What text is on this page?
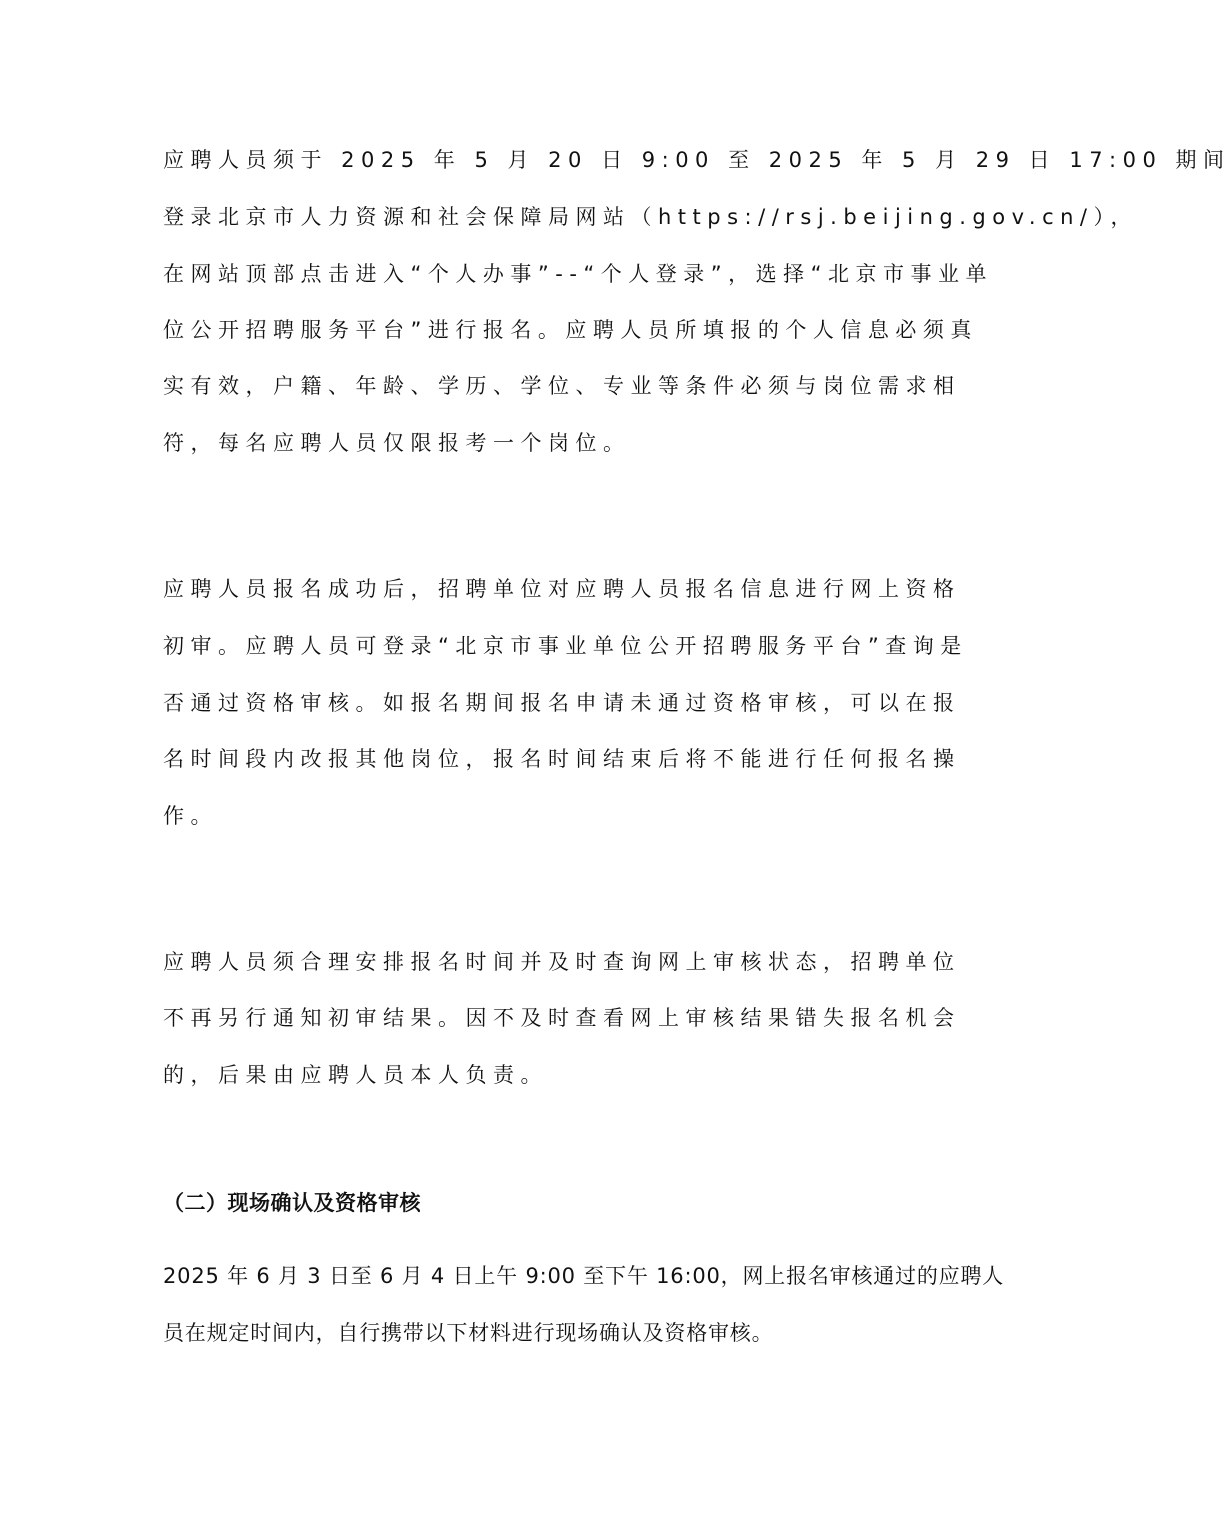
应聘人员须于 2025 年 5 月 20 日 9:00 至 2025 年 5 月 29 日 17:00 期间
登录北京市人力资源和社会保障局网站（https://rsj.beijing.gov.cn/），
在网站顶部点击进入“个人办事”--“个人登录”，选择“北京市事业单
位公开招聘服务平台”进行报名。应聘人员所填报的个人信息必须真
实有效，户籍、年龄、学历、学位、专业等条件必须与岗位需求相
符，每名应聘人员仅限报考一个岗位。
应聘人员报名成功后，招聘单位对应聘人员报名信息进行网上资格
初审。应聘人员可登录“北京市事业单位公开招聘服务平台”查询是
否通过资格审核。如报名期间报名申请未通过资格审核，可以在报
名时间段内改报其他岗位，报名时间结束后将不能进行任何报名操
作。
应聘人员须合理安排报名时间并及时查询网上审核状态，招聘单位
不再另行通知初审结果。因不及时查看网上审核结果错失报名机会
的，后果由应聘人员本人负责。
（二）现场确认及资格审核
2025 年 6 月 3 日至 6 月 4 日上午 9:00 至下午 16:00，网上报名审核通过的应聘人
员在规定时间内，自行携带以下材料进行现场确认及资格审核。
